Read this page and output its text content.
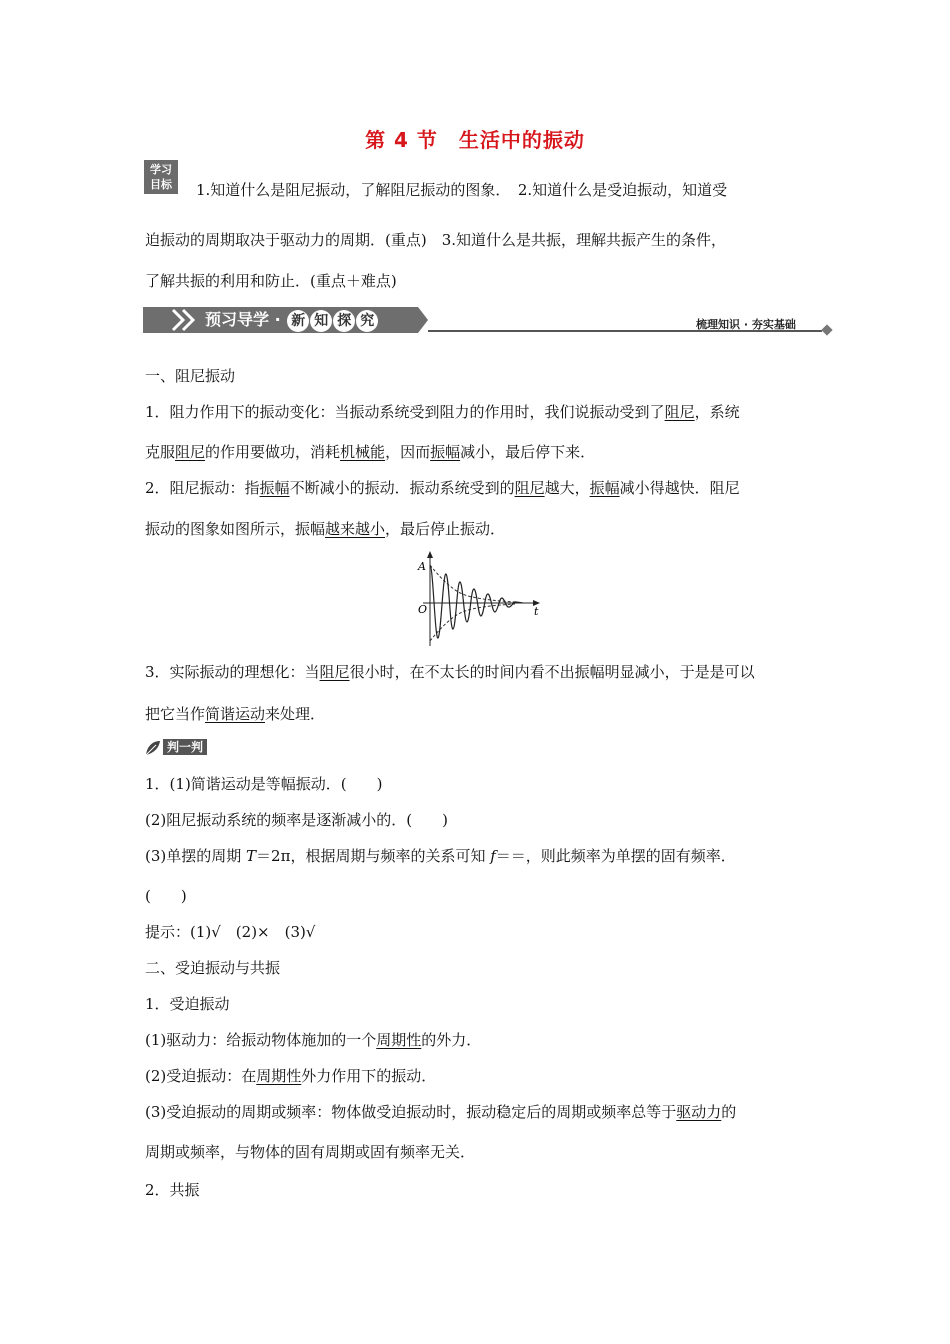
第 4 节　生活中的振动
学习
目标	1.知道什么是阻尼振动，了解阻尼振动的图象．　2.知道什么是受迫振动，知道受
迫振动的周期取决于驱动力的周期．(重点)　3.知道什么是共振，理解共振产生的条件，
了解共振的利用和防止．(重点＋难点)
预习导学 · 新 知 探 究	梳理知识 · 夯实基础
一、阻尼振动
1．阻力作用下的振动变化：当振动系统受到阻力的作用时，我们说振动受到了阻尼，系统
克服阻尼的作用要做功，消耗机械能，因而振幅减小，最后停下来．
2．阻尼振动：指振幅不断减小的振动．振动系统受到的阻尼越大，振幅减小得越快．阻尼
振动的图象如图所示，振幅越来越小，最后停止振动．
A
O	t
3．实际振动的理想化：当阻尼很小时，在不太长的时间内看不出振幅明显减小，于是是可以
把它当作简谐运动来处理．
判一判
1．(1)简谐运动是等幅振动．(　　)
(2)阻尼振动系统的频率是逐渐减小的．(　　)
(3)单摆的周期 T＝2π，根据周期与频率的关系可知 f＝＝，则此频率为单摆的固有频率．
(　　)
提示：(1)√　(2)×　(3)√
二、受迫振动与共振
1．受迫振动
(1)驱动力：给振动物体施加的一个周期性的外力．
(2)受迫振动：在周期性外力作用下的振动．
(3)受迫振动的周期或频率：物体做受迫振动时，振动稳定后的周期或频率总等于驱动力的
周期或频率，与物体的固有周期或固有频率无关．
2．共振
